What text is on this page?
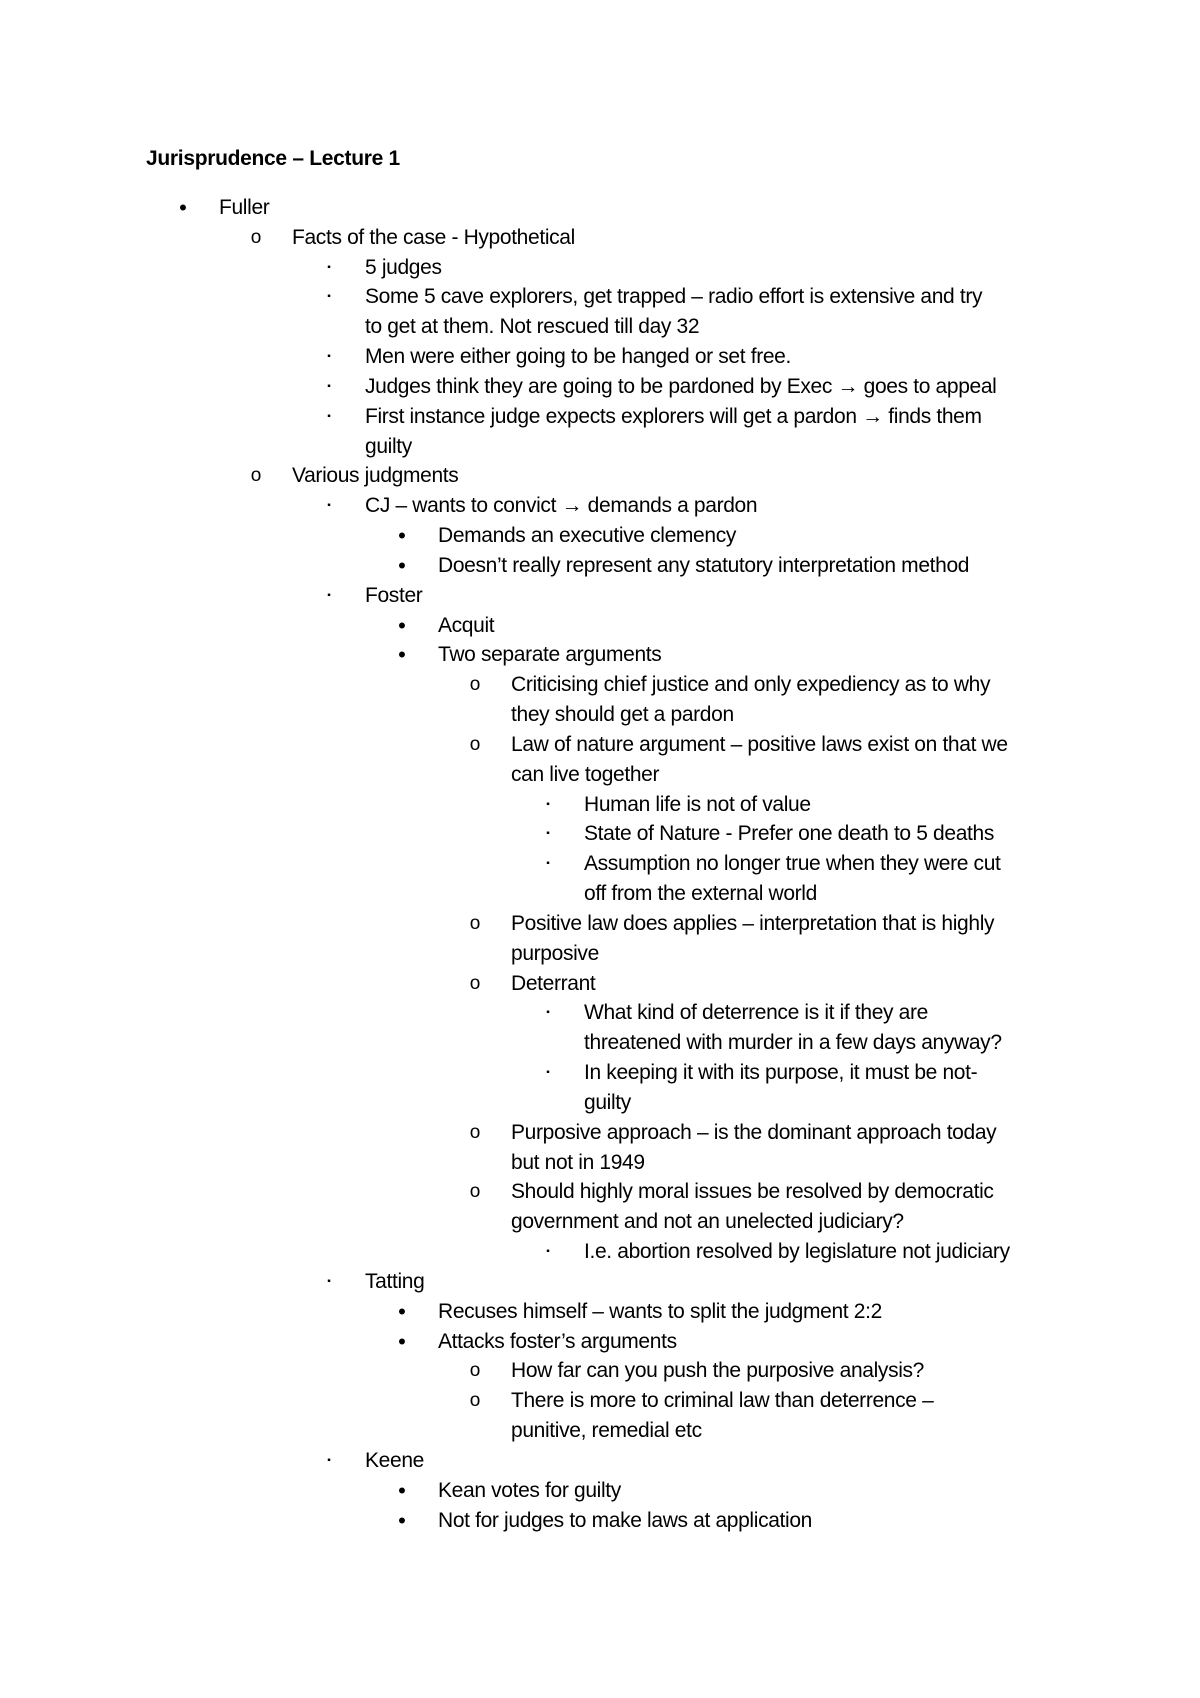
Jurisprudence – Lecture 1
• Fuller
o Facts of the case - Hypothetical
▪ 5 judges
▪ Some 5 cave explorers, get trapped – radio effort is extensive and try
to get at them. Not rescued till day 32
▪ Men were either going to be hanged or set free.
▪ Judges think they are going to be pardoned by Exec → goes to appeal
▪ First instance judge expects explorers will get a pardon → finds them
guilty
o Various judgments
▪ CJ – wants to convict → demands a pardon
• Demands an executive clemency
• Doesn’t really represent any statutory interpretation method
▪ Foster
• Acquit
• Two separate arguments
o Criticising chief justice and only expediency as to why
they should get a pardon
o Law of nature argument – positive laws exist on that we
can live together
▪ Human life is not of value
▪ State of Nature - Prefer one death to 5 deaths
▪ Assumption no longer true when they were cut
off from the external world
o Positive law does applies – interpretation that is highly
purposive
o Deterrant
▪ What kind of deterrence is it if they are
threatened with murder in a few days anyway?
▪ In keeping it with its purpose, it must be not-
guilty
o Purposive approach – is the dominant approach today
but not in 1949
o Should highly moral issues be resolved by democratic
government and not an unelected judiciary?
▪ I.e. abortion resolved by legislature not judiciary
▪ Tatting
• Recuses himself – wants to split the judgment 2:2
• Attacks foster’s arguments
o How far can you push the purposive analysis?
o There is more to criminal law than deterrence –
punitive, remedial etc
▪ Keene
• Kean votes for guilty
• Not for judges to make laws at application
